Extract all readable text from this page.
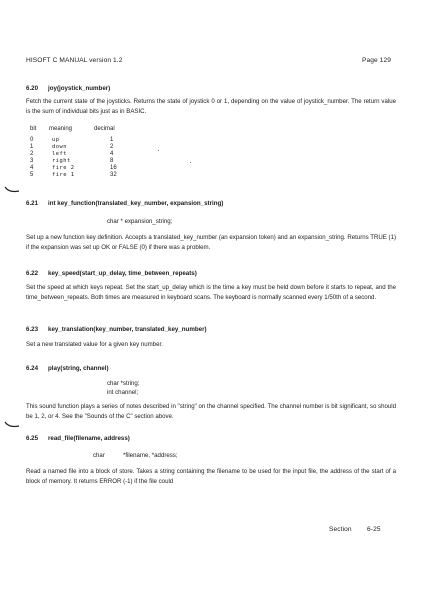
HISOFT C MANUAL version 1.2	Page 129
6.20 joy(joystick_number)
Fetch the current state of the joysticks. Returns the state of joystick 0 or 1, depending on the value of joystick_number. The return value is the sum of individual bits just as in BASIC.
bit meaning	decimal
0	up	1
1	down	2
2	left	4
3	right	8
4	fire 2	16
5	fire 1	32
6.21 int key_function(translated_key_number, expansion_string)
char * expansion_string;
Set up a new function key definition. Accepts a translated_key_number (an expansion token) and an expansion_string. Returns TRUE (1) if the expansion was set up OK or FALSE (0) if there was a problem.
6.22 key_speed(start_up_delay, time_between_repeats)
Set the speed at which keys repeat. Set the start_up_delay which is the time a key must be held down before it starts to repeat, and the time_between_repeats. Both times are measured in keyboard scans. The keyboard is normally scanned every 1/50th of a second.
6.23 key_translation(key_number, translated_key_number)
Set a new translated value for a given key number.
6.24 play(string, channel)
char *string;
int channel;
This sound function plays a series of notes described in "string" on the channel specified. The channel number is bit significant, so should be 1, 2, or 4. See the "Sounds of the C" section above.
6.25 read_file(filename, address)
char	*filename, *address;
Read a named file into a block of store. Takes a string containing the filename to be used for the input file, the address of the start of a block of memory. It returns ERROR (-1) if the file could
Section 6-25
